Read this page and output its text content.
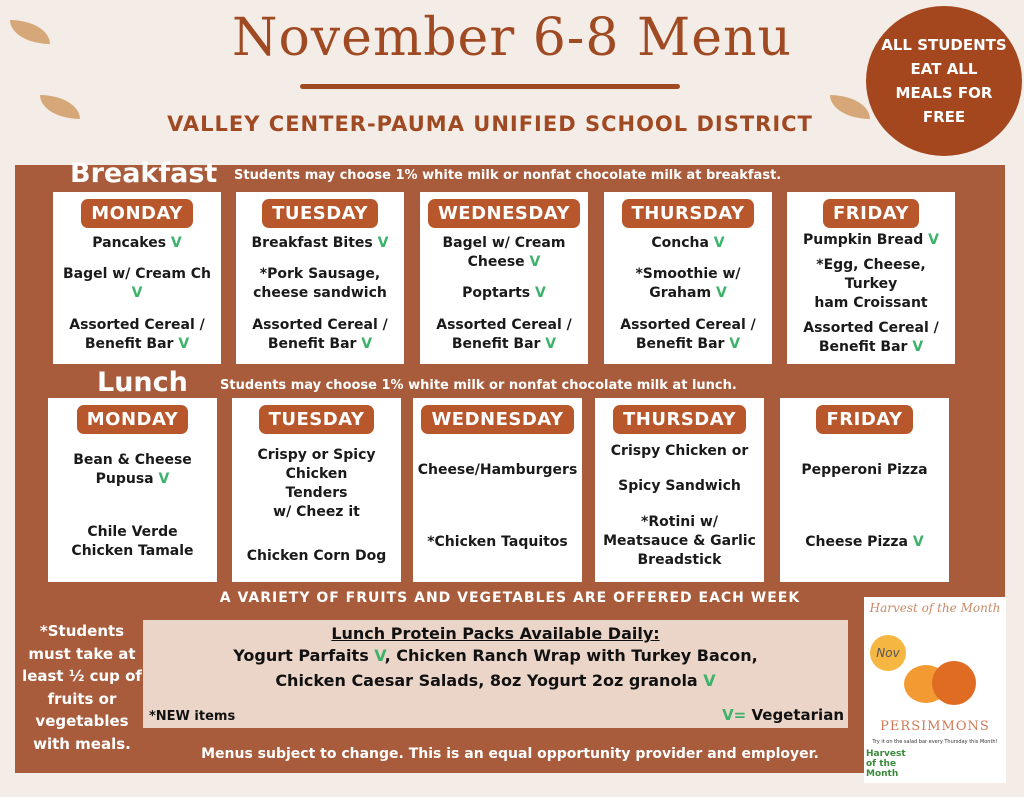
November 6-8 Menu
VALLEY CENTER-PAUMA UNIFIED SCHOOL DISTRICT
ALL STUDENTS
EAT ALL
MEALS FOR
FREE
Breakfast Students may choose 1% white milk or nonfat chocolate milk at breakfast.
Lunch Students may choose 1% white milk or nonfat chocolate milk at lunch.
MONDAY
Pancakes V
Bagel w/ Cream Ch V
Assorted Cereal /
Benefit Bar V
TUESDAY
Breakfast Bites V
*Pork Sausage,
cheese sandwich
Assorted Cereal /
Benefit Bar V
WEDNESDAY
Bagel w/ Cream
Cheese V
Poptarts V
Assorted Cereal /
Benefit Bar V
THURSDAY
Concha V
*Smoothie w/
Graham V
Assorted Cereal /
Benefit Bar V
FRIDAY
Pumpkin Bread V
*Egg, Cheese, Turkey
ham Croissant
Assorted Cereal /
Benefit Bar V
MONDAY
Bean & Cheese
Pupusa V
Chile Verde
Chicken Tamale
TUESDAY
Crispy or Spicy
Chicken
Tenders
w/ Cheez it
Chicken Corn Dog
WEDNESDAY
Cheese/Hamburgers
*Chicken Taquitos
THURSDAY
Crispy Chicken or
Spicy Sandwich
*Rotini w/
Meatsauce & Garlic
Breadstick
FRIDAY
Pepperoni Pizza
Cheese Pizza V
A VARIETY OF FRUITS AND VEGETABLES ARE OFFERED EACH WEEK
*Students
must take at
least ½ cup of
fruits or
vegetables
with meals.
Lunch Protein Packs Available Daily:
Yogurt Parfaits V, Chicken Ranch Wrap with Turkey Bacon,
Chicken Caesar Salads, 8oz Yogurt 2oz granola V
*NEW items	V= Vegetarian
Menus subject to change. This is an equal opportunity provider and employer.
Harvest of the Month
Nov
PERSIMMONS
Try it on the salad bar every Thursday this Month!
Harvest of the Month
